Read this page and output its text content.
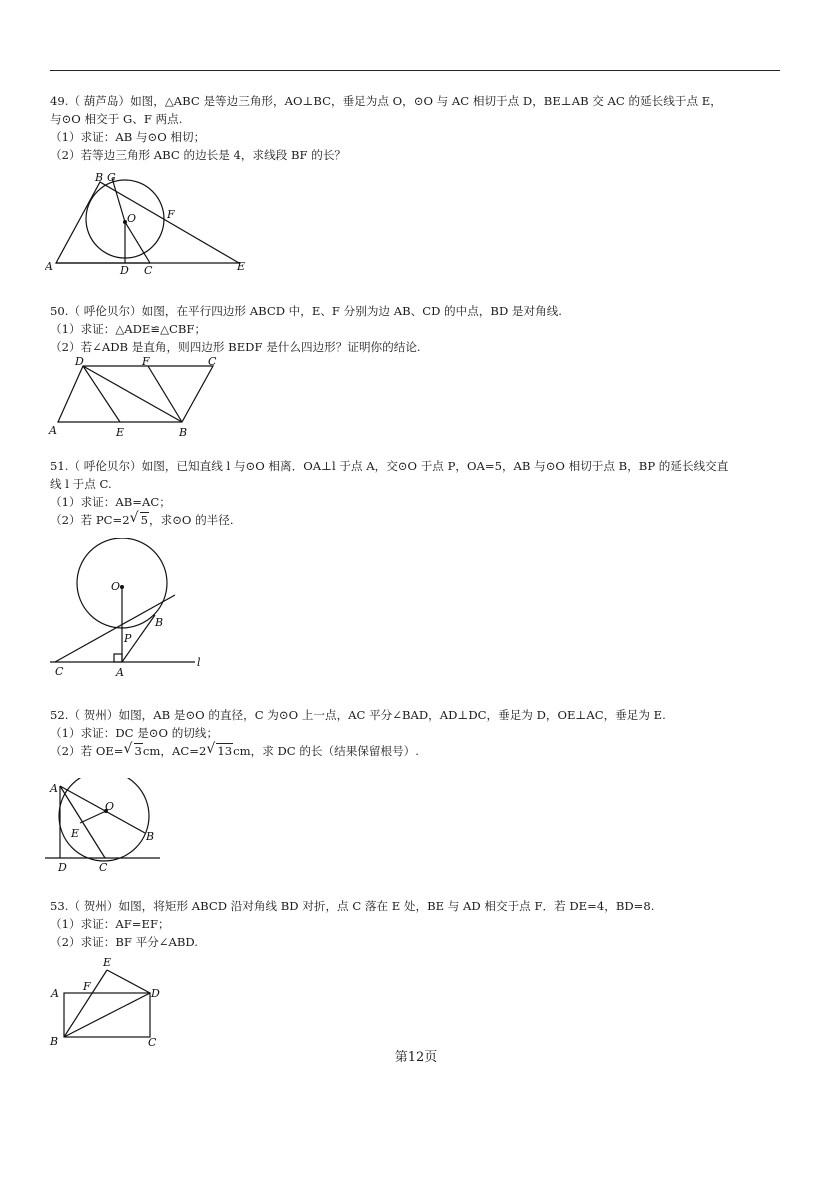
49.（ 葫芦岛）如图，△ABC 是等边三角形，AO⊥BC，垂足为点 O，⊙O 与 AC 相切于点 D，BE⊥AB 交 AC 的延长线于点 E，
与⊙O 相交于 G、F 两点.
（1）求证：AB 与⊙O 相切；
（2）若等边三角形 ABC 的边长是 4，求线段 BF 的长？
A
B G
O	F
D C	E
50.（ 呼伦贝尔）如图，在平行四边形 ABCD 中，E、F 分别为边 AB、CD 的中点，BD 是对角线.
（1）求证：△ADE≌△CBF；
（2）若∠ADB 是直角，则四边形 BEDF 是什么四边形？证明你的结论.
D	F	C
A	E	B
51.（ 呼伦贝尔）如图，已知直线 l 与⊙O 相离．OA⊥l 于点 A，交⊙O 于点 P，OA=5，AB 与⊙O 相切于点 B，BP 的延长线交直
线 l 于点 C.
（1）求证：AB=AC；
（2）若 PC=2 √ 5，求⊙O 的半径.
O
B
P
C	A
l
52.（ 贺州）如图，AB 是⊙O 的直径，C 为⊙O 上一点，AC 平分∠BAD，AD⊥DC，垂足为 D，OE⊥AC，垂足为 E.
（1）求证：DC 是⊙O 的切线；
（2）若 OE= √ 3cm，AC=2 √ 13cm，求 DC 的长（结果保留根号）.
A
O
E	B
D	C
53.（ 贺州）如图，将矩形 ABCD 沿对角线 BD 对折，点 C 落在 E 处，BE 与 AD 相交于点 F．若 DE=4，BD=8.
（1）求证：AF=EF；
（2）求证：BF 平分∠ABD.
E
F
A	D
B	C
第12页
